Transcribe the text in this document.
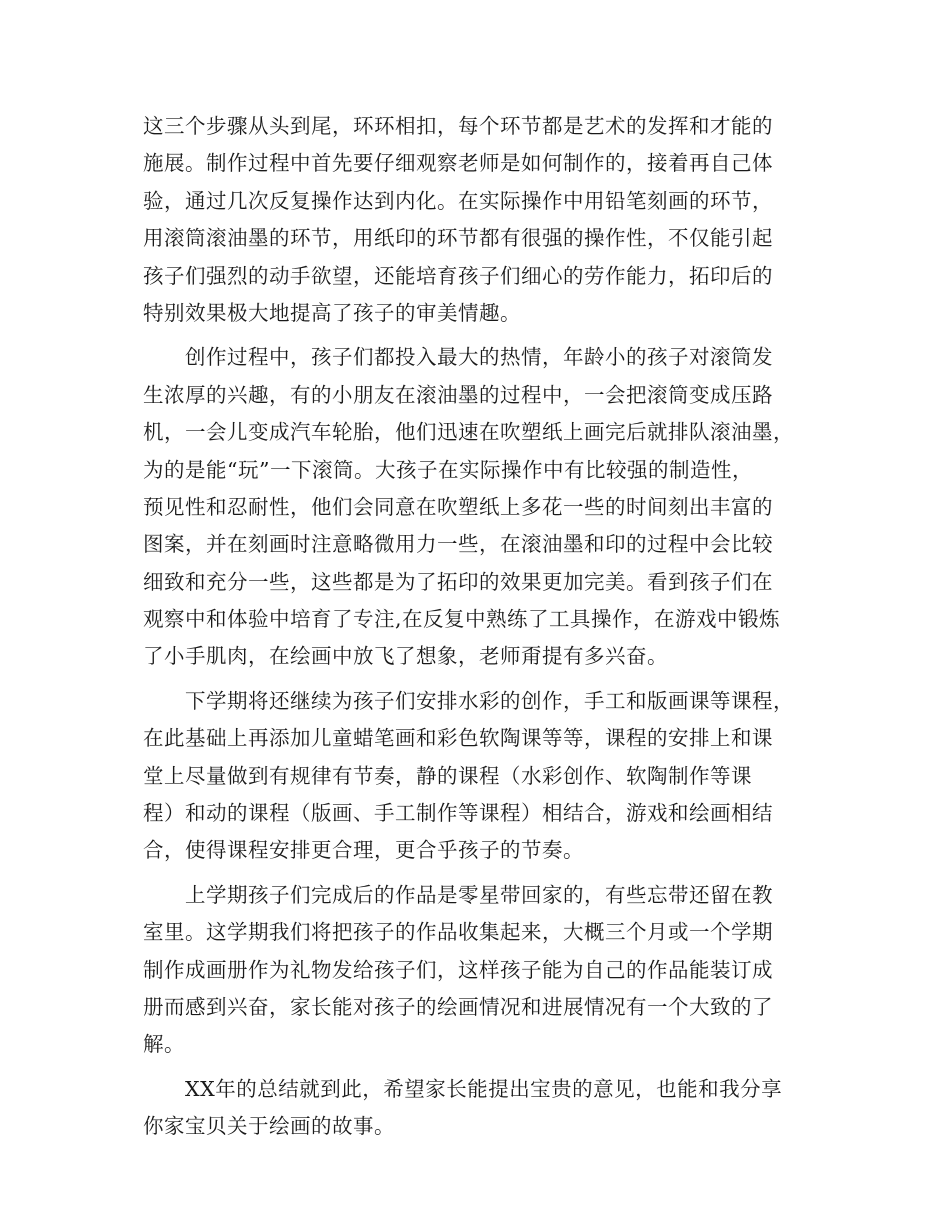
这三个步骤从头到尾，环环相扣，每个环节都是艺术的发挥和才能的
施展。制作过程中首先要仔细观察老师是如何制作的，接着再自己体
验，通过几次反复操作达到内化。在实际操作中用铅笔刻画的环节，
用滚筒滚油墨的环节，用纸印的环节都有很强的操作性，不仅能引起
孩子们强烈的动手欲望，还能培育孩子们细心的劳作能力，拓印后的
特别效果极大地提高了孩子的审美情趣。
　　创作过程中，孩子们都投入最大的热情，年龄小的孩子对滚筒发
生浓厚的兴趣，有的小朋友在滚油墨的过程中，一会把滚筒变成压路
机，一会儿变成汽车轮胎，他们迅速在吹塑纸上画完后就排队滚油墨，
为的是能“玩”一下滚筒。大孩子在实际操作中有比较强的制造性，
预见性和忍耐性，他们会同意在吹塑纸上多花一些的时间刻出丰富的
图案，并在刻画时注意略微用力一些，在滚油墨和印的过程中会比较
细致和充分一些，这些都是为了拓印的效果更加完美。看到孩子们在
观察中和体验中培育了专注,在反复中熟练了工具操作，在游戏中锻炼
了小手肌肉，在绘画中放飞了想象，老师甭提有多兴奋。
　　下学期将还继续为孩子们安排水彩的创作，手工和版画课等课程，
在此基础上再添加儿童蜡笔画和彩色软陶课等等，课程的安排上和课
堂上尽量做到有规律有节奏，静的课程（水彩创作、软陶制作等课
程）和动的课程（版画、手工制作等课程）相结合，游戏和绘画相结
合，使得课程安排更合理，更合乎孩子的节奏。
　　上学期孩子们完成后的作品是零星带回家的，有些忘带还留在教
室里。这学期我们将把孩子的作品收集起来，大概三个月或一个学期
制作成画册作为礼物发给孩子们，这样孩子能为自己的作品能装订成
册而感到兴奋，家长能对孩子的绘画情况和进展情况有一个大致的了
解。
　　XX年的总结就到此，希望家长能提出宝贵的意见，也能和我分享
你家宝贝关于绘画的故事。
